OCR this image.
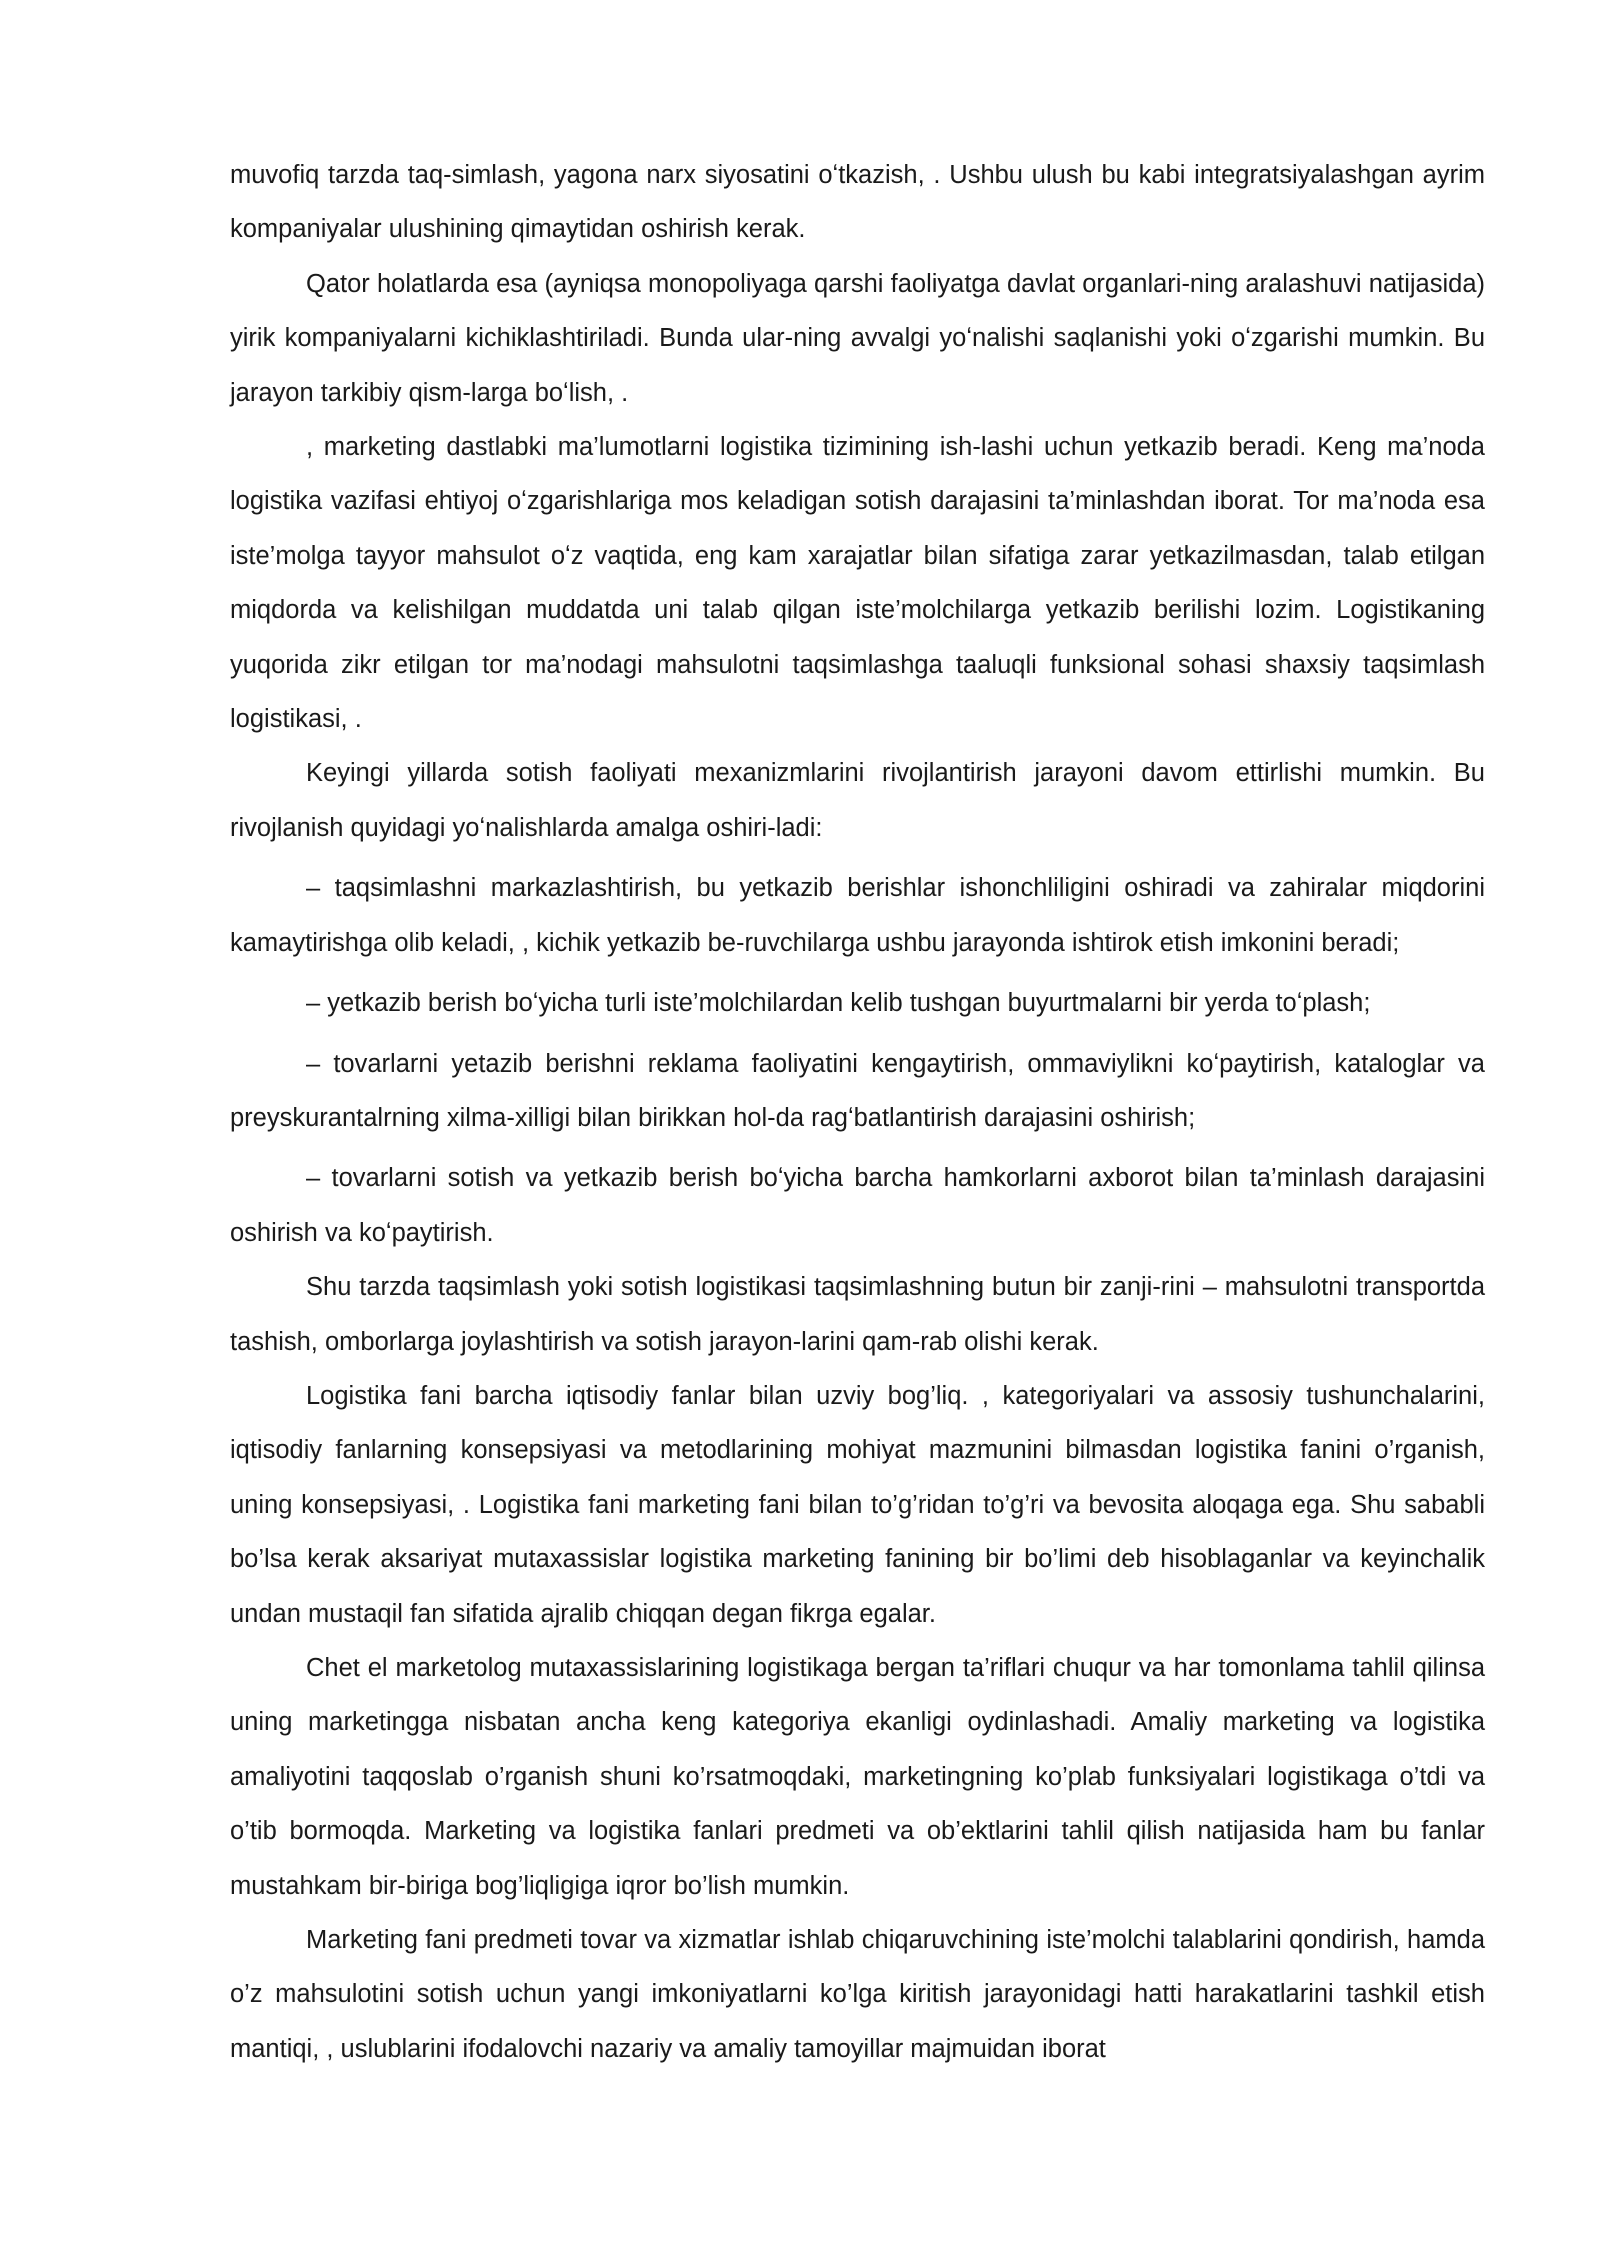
muvofiq tarzda taq-simlash, yagona narx siyosatini oʻtkazish, . Ushbu ulush bu kabi integratsiyalashgan ayrim kompaniyalar ulushining qimaytidan oshirish kerak.

Qator holatlarda esa (ayniqsa monopoliyaga qarshi faoliyatga davlat organlari-ning aralashuvi natijasida) yirik kompaniyalarni kichiklashtiriladi. Bunda ular-ning avvalgi yoʻnalishi saqlanishi yoki oʻzgarishi mumkin. Bu jarayon tarkibiy qism-larga boʻlish, .

, marketing dastlabki ma’lumotlarni logistika tizimining ish-lashi uchun yetkazib beradi. Keng ma’noda logistika vazifasi ehtiyoj oʻzgarishlariga mos keladigan sotish darajasini ta’minlashdan iborat. Tor ma’noda esa iste’molga tayyor mahsulot oʻz vaqtida, eng kam xarajatlar bilan sifatiga zarar yetkazilmasdan, talab etilgan miqdorda va kelishilgan muddatda uni talab qilgan iste’molchilarga yetkazib berilishi lozim. Logistikaning yuqorida zikr etilgan tor ma’nodagi mahsulotni taqsimlashga taaluqli funksional sohasi shaxsiy taqsimlash logistikasi, .

Keyingi yillarda sotish faoliyati mexanizmlarini rivojlantirish jarayoni davom ettirlishi mumkin. Bu rivojlanish quyidagi yoʻnalishlarda amalga oshiri-ladi:

– taqsimlashni markazlashtirish, bu yetkazib berishlar ishonchliligini oshiradi va zahiralar miqdorini kamaytirishga olib keladi, , kichik yetkazib be-ruvchilarga ushbu jarayonda ishtirok etish imkonini beradi;

– yetkazib berish boʻyicha turli iste’molchilardan kelib tushgan buyurtmalarni bir yerda toʻplash;

– tovarlarni yetazib berishni reklama faoliyatini kengaytirish, ommaviylikni koʻpaytirish, kataloglar va preyskurantalrning xilma-xilligi bilan birikkan hol-da ragʻbatlantirish darajasini oshirish;

– tovarlarni sotish va yetkazib berish boʻyicha barcha hamkorlarni axborot bilan ta’minlash darajasini oshirish va koʻpaytirish.

Shu tarzda taqsimlash yoki sotish logistikasi taqsimlashning butun bir zanji-rini – mahsulotni transportda tashish, omborlarga joylashtirish va sotish jarayon-larini qam-rab olishi kerak.

Logistika fani barcha iqtisodiy fanlar bilan uzviy bog’liq. , kategoriyalari va assosiy tushunchalarini, iqtisodiy fanlarning konsepsiyasi va metodlarining mohiyat mazmunini bilmasdan logistika fanini o’rganish, uning konsepsiyasi, . Logistika fani marketing fani bilan to’g’ridan to’g’ri va bevosita aloqaga ega. Shu sababli bo’lsa kerak aksariyat mutaxassislar logistika marketing fanining bir bo’limi deb hisoblaganlar va keyinchalik undan mustaqil fan sifatida ajralib chiqqan degan fikrga egalar.

Chet el marketolog mutaxassislarining logistikaga bergan ta’riflari chuqur va har tomonlama tahlil qilinsa uning marketingga nisbatan ancha keng kategoriya ekanligi oydinlashadi. Amaliy marketing va logistika amaliyotini taqqoslab o’rganish shuni ko’rsatmoqdaki, marketingning ko’plab funksiyalari logistikaga o’tdi va o’tib bormoqda. Marketing va logistika fanlari predmeti va ob’ektlarini tahlil qilish natijasida ham bu fanlar mustahkam bir-biriga bog’liqligiga iqror bo’lish mumkin.

Marketing fani predmeti tovar va xizmatlar ishlab chiqaruvchining iste’molchi talablarini qondirish, hamda o’z mahsulotini sotish uchun yangi imkoniyatlarni ko’lga kiritish jarayonidagi hatti harakatlarini tashkil etish mantiqi, , uslublarini ifodalovchi nazariy va amaliy tamoyillar majmuidan iborat
